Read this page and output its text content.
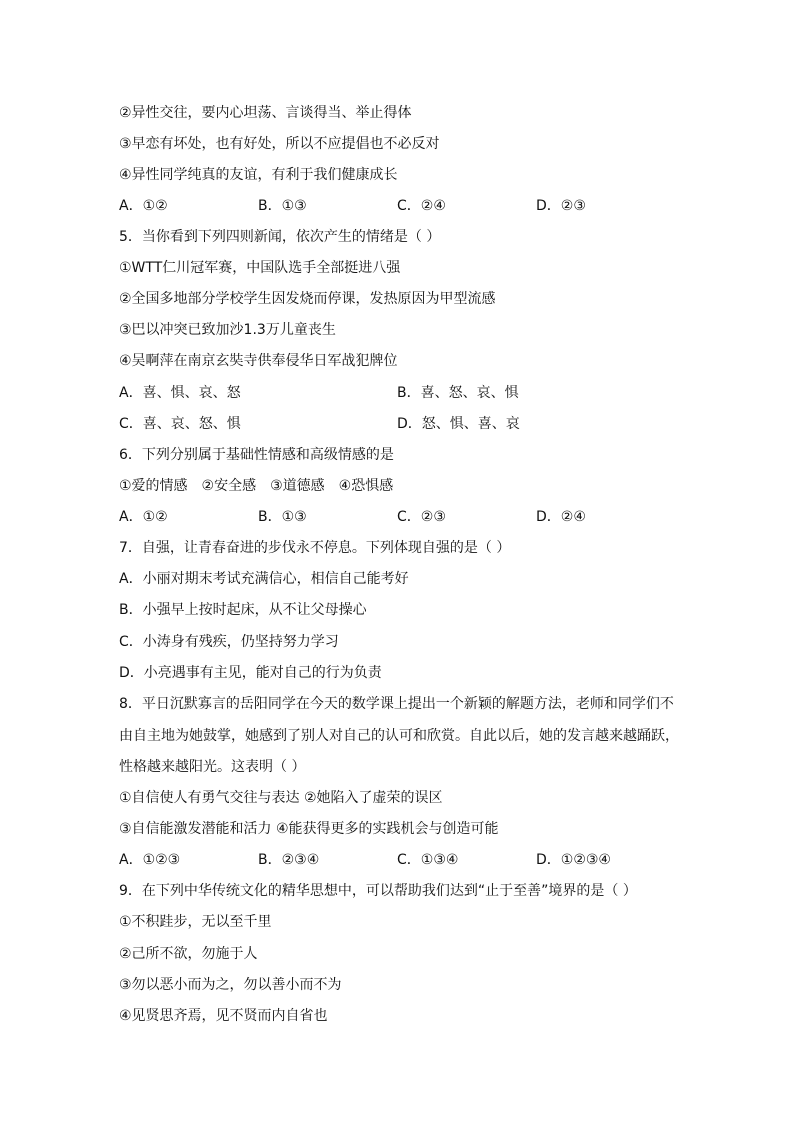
②异性交往，要内心坦荡、言谈得当、举止得体
③早恋有坏处，也有好处，所以不应提倡也不必反对
④异性同学纯真的友谊，有利于我们健康成长
A．①②	B．①③	C．②④	D．②③
5．当你看到下列四则新闻，依次产生的情绪是（ ）
①WTT仁川冠军赛，中国队选手全部挺进八强
②全国多地部分学校学生因发烧而停课，发热原因为甲型流感
③巴以冲突已致加沙1.3万儿童丧生
④吴啊萍在南京玄奘寺供奉侵华日军战犯牌位
A．喜、惧、哀、怒	B．喜、怒、哀、惧
C．喜、哀、怒、惧	D．怒、惧、喜、哀
6．下列分别属于基础性情感和高级情感的是
①爱的情感　②安全感　③道德感　④恐惧感
A．①②	B．①③	C．②③	D．②④
7．自强，让青春奋进的步伐永不停息。下列体现自强的是（ ）
A．小丽对期末考试充满信心，相信自己能考好
B．小强早上按时起床，从不让父母操心
C．小涛身有残疾，仍坚持努力学习
D．小亮遇事有主见，能对自己的行为负责
8．平日沉默寡言的岳阳同学在今天的数学课上提出一个新颖的解题方法，老师和同学们不
由自主地为她鼓掌，她感到了别人对自己的认可和欣赏。自此以后，她的发言越来越踊跃，
性格越来越阳光。这表明（ ）
①自信使人有勇气交往与表达 ②她陷入了虚荣的误区
③自信能激发潜能和活力 ④能获得更多的实践机会与创造可能
A．①②③	B．②③④	C．①③④	D．①②③④
9．在下列中华传统文化的精华思想中，可以帮助我们达到“止于至善”境界的是（ ）
①不积跬步，无以至千里
②己所不欲，勿施于人
③勿以恶小而为之，勿以善小而不为
④见贤思齐焉，见不贤而内自省也
